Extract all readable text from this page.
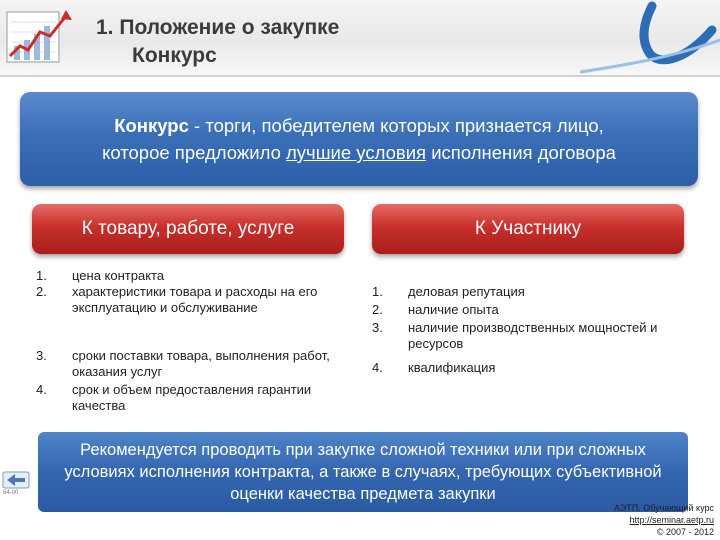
1. Положение о закупке
Конкурс
Конкурс - торги, победителем которых признается лицо,
которое предложило лучшие условия исполнения договора
К товару, работе, услуге	К Участнику
1.	цена контракта
2.	характеристики товара и расходы на его эксплуатацию и обслуживание
3.	сроки поставки товара, выполнения работ, оказания услуг
4.	срок и объем предоставления гарантии качества
1.	деловая репутация
2.	наличие опыта
3.	наличие производственных мощностей и ресурсов
4.	квалификация
Рекомендуется проводить при закупке сложной техники или при сложных
условиях исполнения контракта, а также в случаях, требующих субъективной
оценки качества предмета закупки
64-00
АЭТП. Обучающий курс
http://seminar.aetp.ru
© 2007 - 2012
